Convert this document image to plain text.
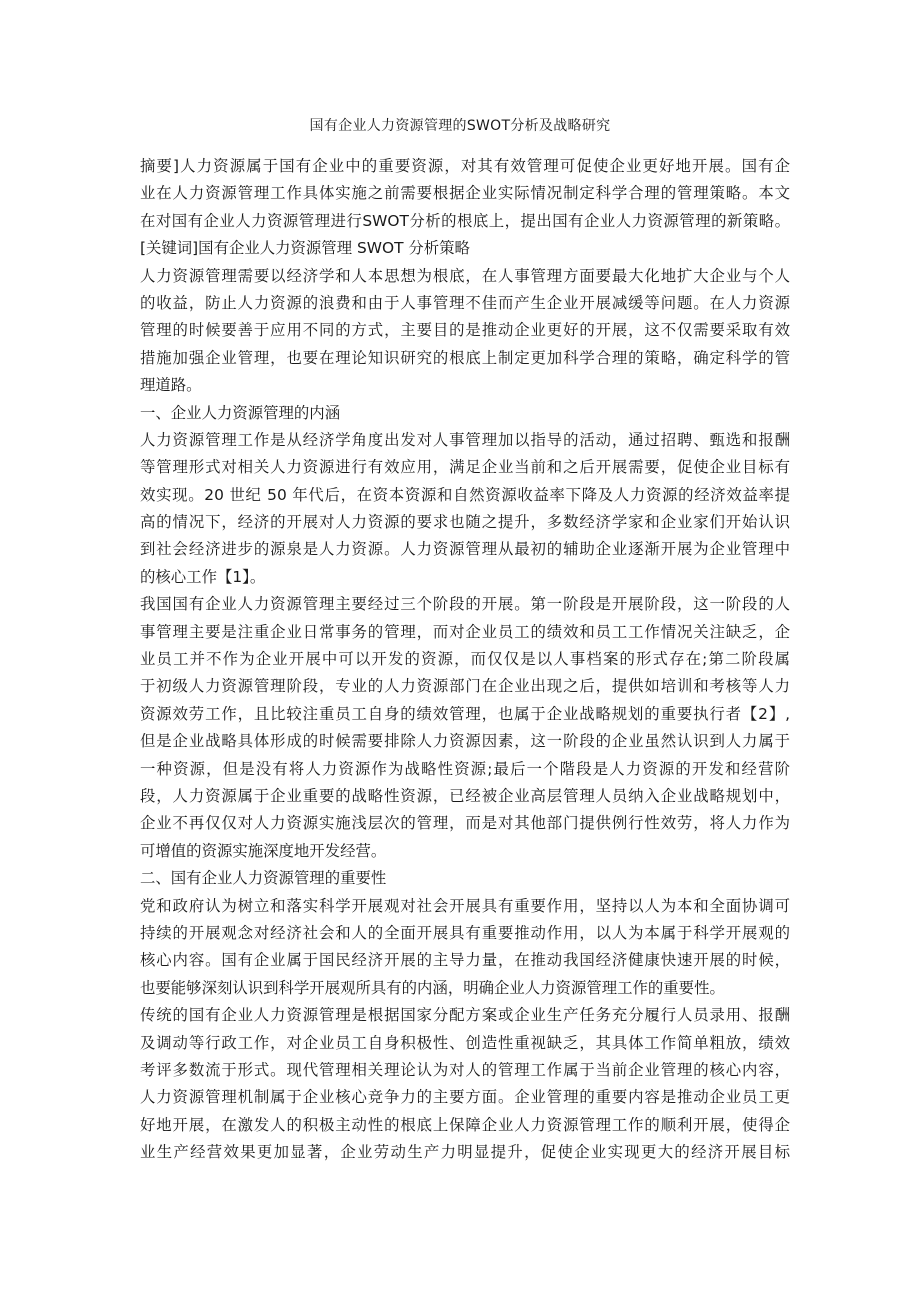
国有企业人力资源管理的SWOT分析及战略研究
摘要]人力资源属于国有企业中的重要资源，对其有效管理可促使企业更好地开展。国有企
业在人力资源管理工作具体实施之前需要根据企业实际情况制定科学合理的管理策略。本文
在对国有企业人力资源管理进行SWOT分析的根底上，提出国有企业人力资源管理的新策略。
[关键词]国有企业人力资源管理 SWOT 分析策略
人力资源管理需要以经济学和人本思想为根底，在人事管理方面要最大化地扩大企业与个人
的收益，防止人力资源的浪费和由于人事管理不佳而产生企业开展减缓等问题。在人力资源
管理的时候要善于应用不同的方式，主要目的是推动企业更好的开展，这不仅需要采取有效
措施加强企业管理，也要在理论知识研究的根底上制定更加科学合理的策略，确定科学的管
理道路。
一、企业人力资源管理的内涵
人力资源管理工作是从经济学角度出发对人事管理加以指导的活动，通过招聘、甄选和报酬
等管理形式对相关人力资源进行有效应用，满足企业当前和之后开展需要，促使企业目标有
效实现。20 世纪 50 年代后，在资本资源和自然资源收益率下降及人力资源的经济效益率提
高的情况下，经济的开展对人力资源的要求也随之提升，多数经济学家和企业家们开始认识
到社会经济进步的源泉是人力资源。人力资源管理从最初的辅助企业逐渐开展为企业管理中
的核心工作【1】。
我国国有企业人力资源管理主要经过三个阶段的开展。第一阶段是开展阶段，这一阶段的人
事管理主要是注重企业日常事务的管理，而对企业员工的绩效和员工工作情况关注缺乏，企
业员工并不作为企业开展中可以开发的资源，而仅仅是以人事档案的形式存在;第二阶段属
于初级人力资源管理阶段，专业的人力资源部门在企业出现之后，提供如培训和考核等人力
资源效劳工作，且比较注重员工自身的绩效管理，也属于企业战略规划的重要执行者【2】,
但是企业战略具体形成的时候需要排除人力资源因素，这一阶段的企业虽然认识到人力属于
一种资源，但是没有将人力资源作为战略性资源;最后一个階段是人力资源的开发和经营阶
段，人力资源属于企业重要的战略性资源，已经被企业高层管理人员纳入企业战略规划中，
企业不再仅仅对人力资源实施浅层次的管理，而是对其他部门提供例行性效劳，将人力作为
可增值的资源实施深度地开发经营。
二、国有企业人力资源管理的重要性
党和政府认为树立和落实科学开展观对社会开展具有重要作用，坚持以人为本和全面协调可
持续的开展观念对经济社会和人的全面开展具有重要推动作用，以人为本属于科学开展观的
核心内容。国有企业属于国民经济开展的主导力量，在推动我国经济健康快速开展的时候，
也要能够深刻认识到科学开展观所具有的内涵，明确企业人力资源管理工作的重要性。
传统的国有企业人力资源管理是根据国家分配方案或企业生产任务充分履行人员录用、报酬
及调动等行政工作，对企业员工自身积极性、创造性重视缺乏，其具体工作简单粗放，绩效
考评多数流于形式。现代管理相关理论认为对人的管理工作属于当前企业管理的核心内容，
人力资源管理机制属于企业核心竞争力的主要方面。企业管理的重要内容是推动企业员工更
好地开展，在激发人的积极主动性的根底上保障企业人力资源管理工作的顺利开展，使得企
业生产经营效果更加显著，企业劳动生产力明显提升，促使企业实现更大的经济开展目标
